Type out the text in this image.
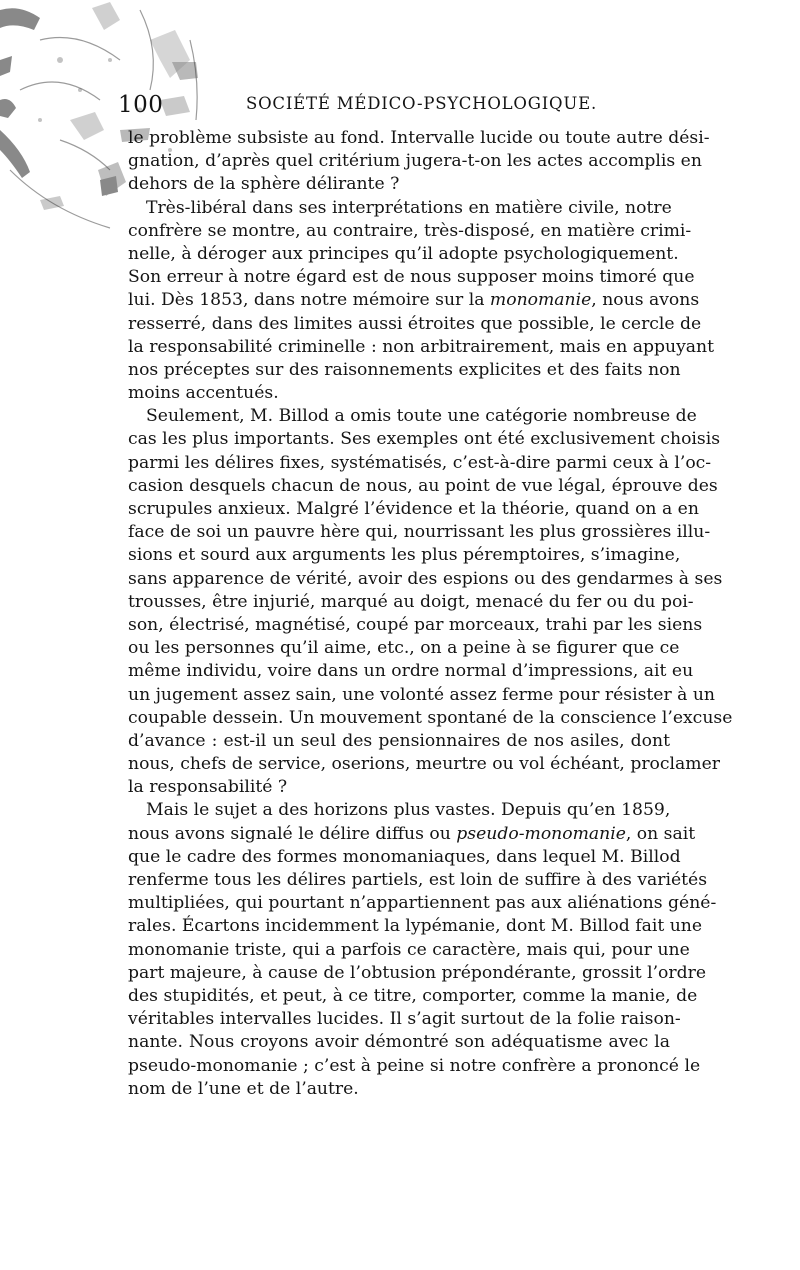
100	SOCIÉTÉ MÉDICO-PSYCHOLOGIQUE.
le problème subsiste au fond. Intervalle lucide ou toute autre dési-
gnation, d’après quel critérium jugera-t-on les actes accomplis en
dehors de la sphère délirante ?
Très-libéral dans ses interprétations en matière civile, notre
confrère se montre, au contraire, très-disposé, en matière crimi-
nelle, à déroger aux principes qu’il adopte psychologiquement.
Son erreur à notre égard est de nous supposer moins timoré que
lui. Dès 1853, dans notre mémoire sur la monomanie, nous avons
resserré, dans des limites aussi étroites que possible, le cercle de
la responsabilité criminelle : non arbitrairement, mais en appuyant
nos préceptes sur des raisonnements explicites et des faits non
moins accentués.
Seulement, M. Billod a omis toute une catégorie nombreuse de
cas les plus importants. Ses exemples ont été exclusivement choisis
parmi les délires fixes, systématisés, c’est-à-dire parmi ceux à l’oc-
casion desquels chacun de nous, au point de vue légal, éprouve des
scrupules anxieux. Malgré l’évidence et la théorie, quand on a en
face de soi un pauvre hère qui, nourrissant les plus grossières illu-
sions et sourd aux arguments les plus péremptoires, s’imagine,
sans apparence de vérité, avoir des espions ou des gendarmes à ses
trousses, être injurié, marqué au doigt, menacé du fer ou du poi-
son, électrisé, magnétisé, coupé par morceaux, trahi par les siens
ou les personnes qu’il aime, etc., on a peine à se figurer que ce
même individu, voire dans un ordre normal d’impressions, ait eu
un jugement assez sain, une volonté assez ferme pour résister à un
coupable dessein. Un mouvement spontané de la conscience l’excuse
d’avance : est-il un seul des pensionnaires de nos asiles, dont
nous, chefs de service, oserions, meurtre ou vol échéant, proclamer
la responsabilité ?
Mais le sujet a des horizons plus vastes. Depuis qu’en 1859,
nous avons signalé le délire diffus ou pseudo-monomanie, on sait
que le cadre des formes monomaniaques, dans lequel M. Billod
renferme tous les délires partiels, est loin de suffire à des variétés
multipliées, qui pourtant n’appartiennent pas aux aliénations géné-
rales. Écartons incidemment la lypémanie, dont M. Billod fait une
monomanie triste, qui a parfois ce caractère, mais qui, pour une
part majeure, à cause de l’obtusion prépondérante, grossit l’ordre
des stupidités, et peut, à ce titre, comporter, comme la manie, de
véritables intervalles lucides. Il s’agit surtout de la folie raison-
nante. Nous croyons avoir démontré son adéquatisme avec la
pseudo-monomanie ; c’est à peine si notre confrère a prononcé le
nom de l’une et de l’autre.
